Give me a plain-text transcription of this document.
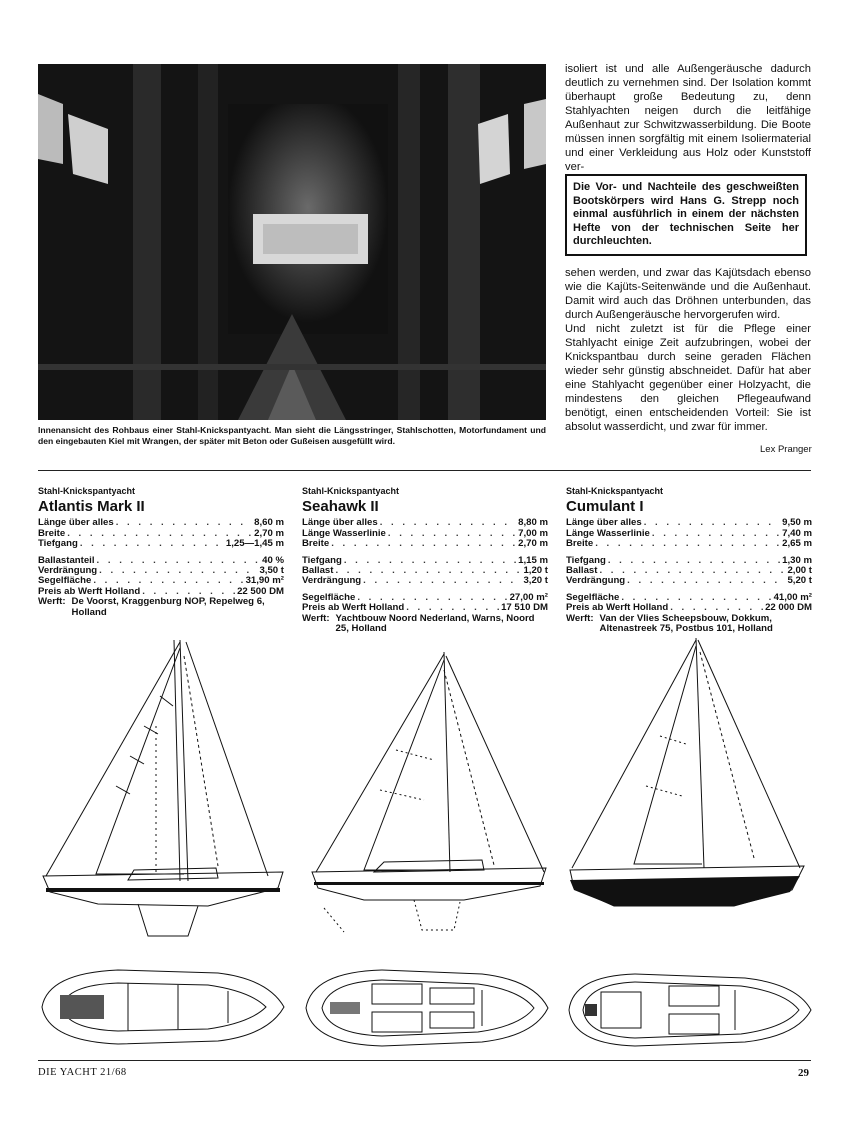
Innenansicht des Rohbaus einer Stahl-Knickspantyacht. Man sieht die Längsstringer, Stahlschotten, Motorfundament und den eingebauten Kiel mit Wrangen, der später mit Beton oder Gußeisen ausgefüllt wird.

isoliert ist und alle Außengeräusche dadurch deutlich zu vernehmen sind. Der Isolation kommt überhaupt große Bedeutung zu, denn Stahlyachten neigen durch die leitfähige Außenhaut zur Schwitzwasserbildung. Die Boote müssen innen sorgfältig mit einem Isoliermaterial und einer Verkleidung aus Holz oder Kunststoff ver-

Die Vor- und Nachteile des geschweißten Bootskörpers wird Hans G. Strepp noch einmal ausführlich in einem der nächsten Hefte von der technischen Seite her durchleuchten.

sehen werden, und zwar das Kajütsdach ebenso wie die Kajüts-Seitenwände und die Außenhaut. Damit wird auch das Dröhnen unterbunden, das durch Außengeräusche hervorgerufen wird.

Und nicht zuletzt ist für die Pflege einer Stahlyacht einige Zeit aufzubringen, wobei der Knickspantbau durch seine geraden Flächen wieder sehr günstig abschneidet. Dafür hat aber eine Stahlyacht gegenüber einer Holzyacht, die mindestens den gleichen Pflegeaufwand benötigt, einen entscheidenden Vorteil: Sie ist absolut wasserdicht, und zwar für immer.

Lex Pranger
Stahl-Knickspantyacht
Atlantis Mark II
Länge über alles . . .	8,60 m
Breite . . .	2,70 m
Tiefgang . . .	1,25—1,45 m
Ballastanteil . . .	40 %
Verdrängung . . .	3,50 t
Segelfläche . . .	31,90 m²
Preis ab Werft Holland . . .	22 500 DM
Werft: De Voorst, Kraggenburg NOP, Repelweg 6, Holland
Stahl-Knickspantyacht
Seahawk II
Länge über alles . . .	8,80 m
Länge Wasserlinie . . .	7,00 m
Breite . . .	2,70 m
Tiefgang . . .	1,15 m
Ballast . . .	1,20 t
Verdrängung . . .	3,20 t
Segelfläche . . .	27,00 m²
Preis ab Werft Holland . . .	17 510 DM
Werft: Yachtbouw Noord Nederland, Warns, Noord 25, Holland
Stahl-Knickspantyacht
Cumulant I
Länge über alles . . .	9,50 m
Länge Wasserlinie . . .	7,40 m
Breite . . .	2,65 m
Tiefgang . . .	1,30 m
Ballast . . .	2,00 t
Verdrängung . . .	5,20 t
Segelfläche . . .	41,00 m²
Preis ab Werft Holland . . .	22 000 DM
Werft: Van der Vlies Scheepsbouw, Dokkum, Altenastreek 75, Postbus 101, Holland
DIE YACHT 21/68	29
